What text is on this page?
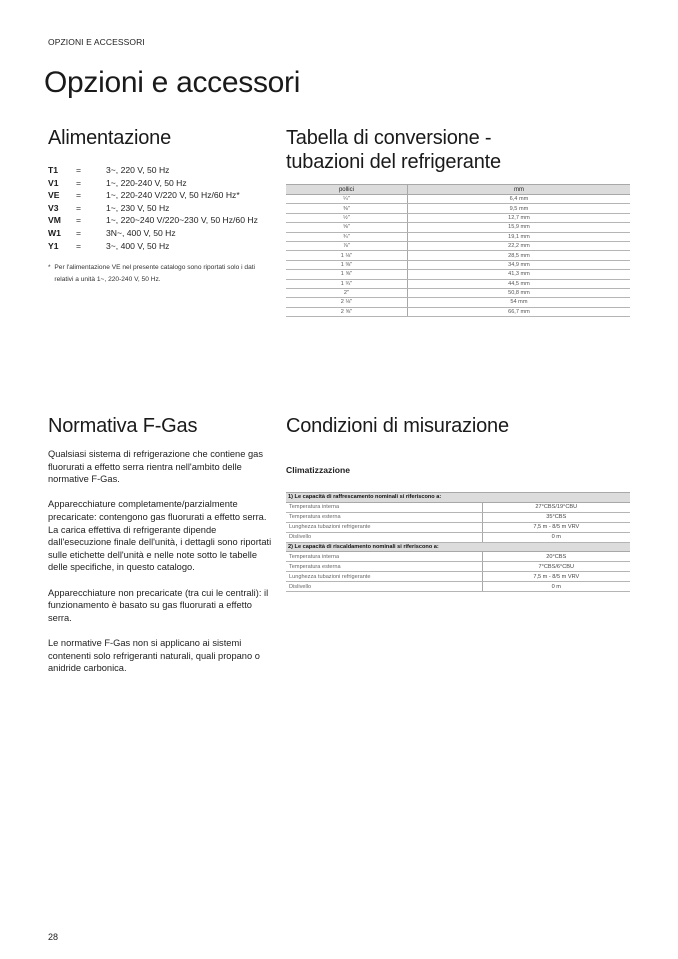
OPZIONI E ACCESSORI
Opzioni e accessori
Alimentazione
T1	=	3~, 220 V, 50 Hz
V1	=	1~, 220-240 V, 50 Hz
VE	=	1~, 220-240 V/220 V, 50 Hz/60 Hz*
V3	=	1~, 230 V, 50 Hz
VM	=	1~, 220~240 V/220~230 V, 50 Hz/60 Hz
W1	=	3N~, 400 V, 50 Hz
Y1	=	3~, 400 V, 50 Hz
* Per l'alimentazione VE nel presente catalogo sono riportati solo i dati relativi a unità 1~, 220-240 V, 50 Hz.
Tabella di conversione -
tubazioni del refrigerante
pollici	mm
¼"	6,4 mm
⅜"	9,5 mm
½"	12,7 mm
⅝"	15,9 mm
¾"	19,1 mm
⅞"	22,2 mm
1 ⅛"	28,5 mm
1 ⅜"	34,9 mm
1 ⅝"	41,3 mm
1 ¾"	44,5 mm
2"	50,8 mm
2 ⅛"	54 mm
2 ⅝"	66,7 mm
Normativa F-Gas

Qualsiasi sistema di refrigerazione che contiene gas fluorurati a effetto serra rientra nell'ambito delle normative F-Gas.

Apparecchiature completamente/parzialmente precaricate: contengono gas fluorurati a effetto serra. La carica effettiva di refrigerante dipende dall'esecuzione finale dell'unità, i dettagli sono riportati sulle etichette dell'unità e nelle note sotto le tabelle delle specifiche, in questo catalogo.

Apparecchiature non precaricate (tra cui le centrali): il funzionamento è basato su gas fluorurati a effetto serra.

Le normative F-Gas non si applicano ai sistemi contenenti solo refrigeranti naturali, quali propano o anidride carbonica.

Condizioni di misurazione
Climatizzazione
1) Le capacità di raffrescamento nominali si riferiscono a:	
Temperatura interna	27°CBS/19°CBU
Temperatura esterna	35°CBS
Lunghezza tubazioni refrigerante	7,5 m - 8/5 m VRV
Dislivello	0 m
2) Le capacità di riscaldamento nominali si riferiscono a:	
Temperatura interna	20°CBS
Temperatura esterna	7°CBS/6°CBU
Lunghezza tubazioni refrigerante	7,5 m - 8/5 m VRV
Dislivello	0 m
28
